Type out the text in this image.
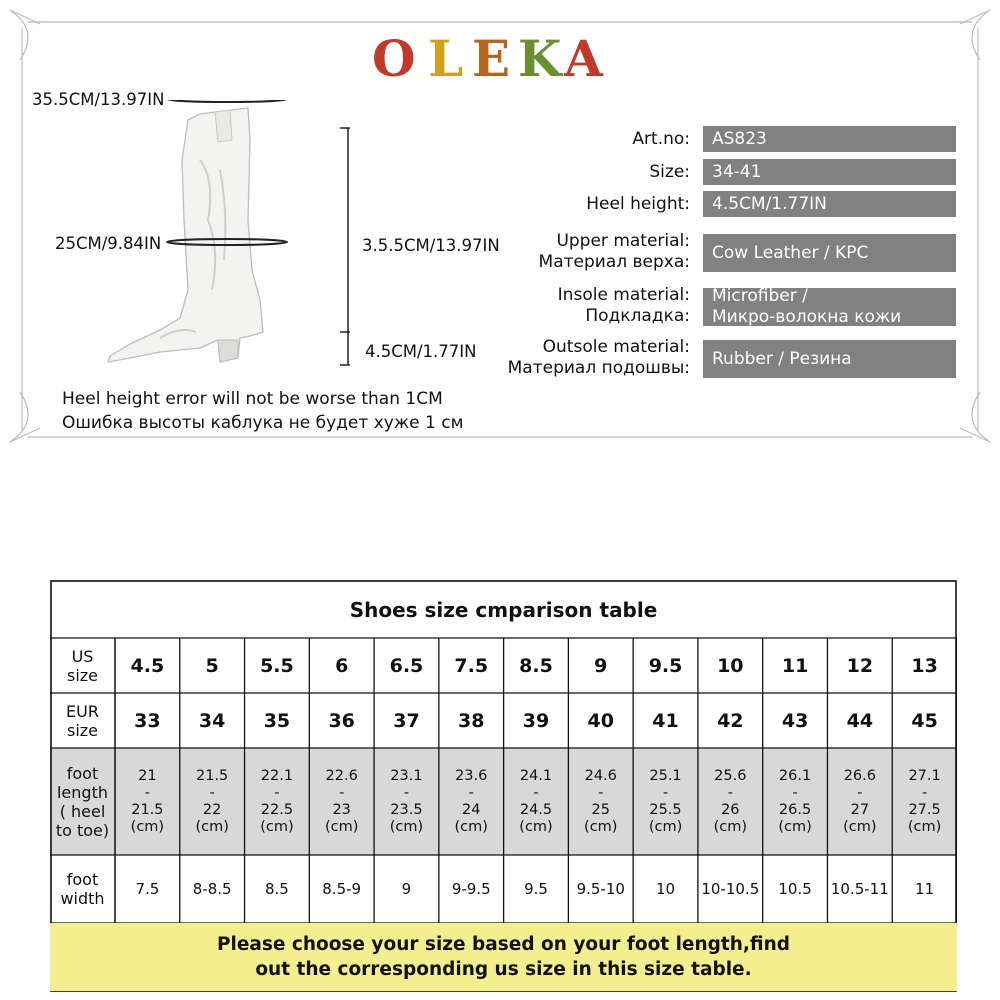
O L E K A
35.5CM/13.97IN
25CM/9.84IN	3.5.5CM/13.97IN
4.5CM/1.77IN
Heel height error will not be worse than 1CM
Ошибка высоты каблука не будет хуже 1 см
Art.no: AS823
Size: 34-41
Heel height: 4.5CM/1.77IN
Upper material:
Материал верха: Cow Leather / KPC
Insole material:
Подкладка:
Microfiber /
Микро-волокна кожи
Outsole material:
Материал подошвы: Rubber / Резина
Shoes size cmparison table
US
size
EUR
size
foot
length
( heel
to toe)
foot
width
4.5
33
21
-
21.5
(cm)
7.5
5
34
21.5
-
22
(cm)
8-8.5
5.5
35
22.1
-
22.5
(cm)
8.5
6
36
22.6
-
23
(cm)
8.5-9
6.5
37
23.1
-
23.5
(cm)
9
7.5
38
23.6
-
24
(cm)
9-9.5
8.5
39
24.1
-
24.5
(cm)
9.5
9
40
24.6
-
25
(cm)
9.5-10
9.5
41
25.1
-
25.5
(cm)
10
10
42
25.6
-
26
(cm)
10-10.5
11
43
26.1
-
26.5
(cm)
10.5
12
44
26.6
-
27
(cm)
10.5-11
13
45
27.1
-
27.5
(cm)
11
Please choose your size based on your foot length,find out the corresponding us size in this size table.
